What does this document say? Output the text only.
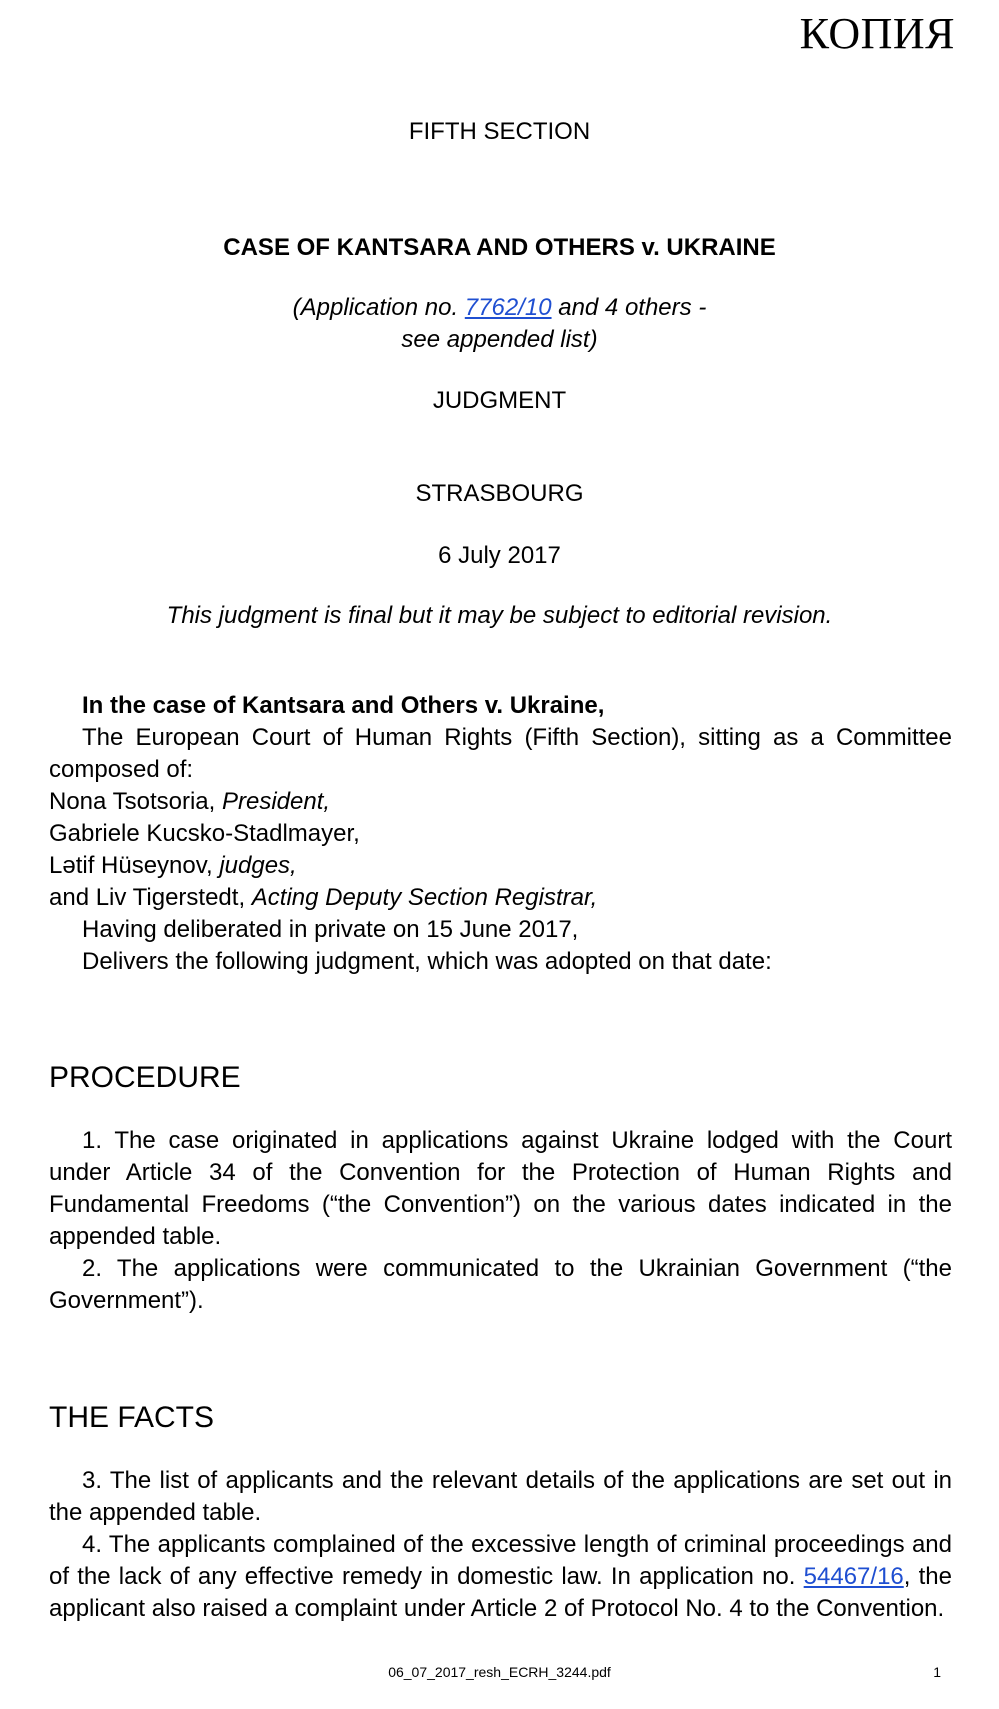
КОПИЯ
FIFTH SECTION
CASE OF KANTSARA AND OTHERS v. UKRAINE
(Application no. 7762/10 and 4 others -
see appended list)
JUDGMENT
STRASBOURG
6 July 2017
This judgment is final but it may be subject to editorial revision.

In the case of Kantsara and Others v. Ukraine,

The European Court of Human Rights (Fifth Section), sitting as a Committee composed of:

Nona Tsotsoria, President,

Gabriele Kucsko-Stadlmayer,

Lətif Hüseynov, judges,

and Liv Tigerstedt, Acting Deputy Section Registrar,

Having deliberated in private on 15 June 2017,

Delivers the following judgment, which was adopted on that date:

PROCEDURE

1. The case originated in applications against Ukraine lodged with the Court under Article 34 of the Convention for the Protection of Human Rights and Fundamental Freedoms (“the Convention”) on the various dates indicated in the appended table.

2. The applications were communicated to the Ukrainian Government (“the Government”).

THE FACTS

3. The list of applicants and the relevant details of the applications are set out in the appended table.

4. The applicants complained of the excessive length of criminal proceedings and of the lack of any effective remedy in domestic law. In application no. 54467/16, the applicant also raised a complaint under Article 2 of Protocol No. 4 to the Convention.

06_07_2017_resh_ECRH_3244.pdf	1
